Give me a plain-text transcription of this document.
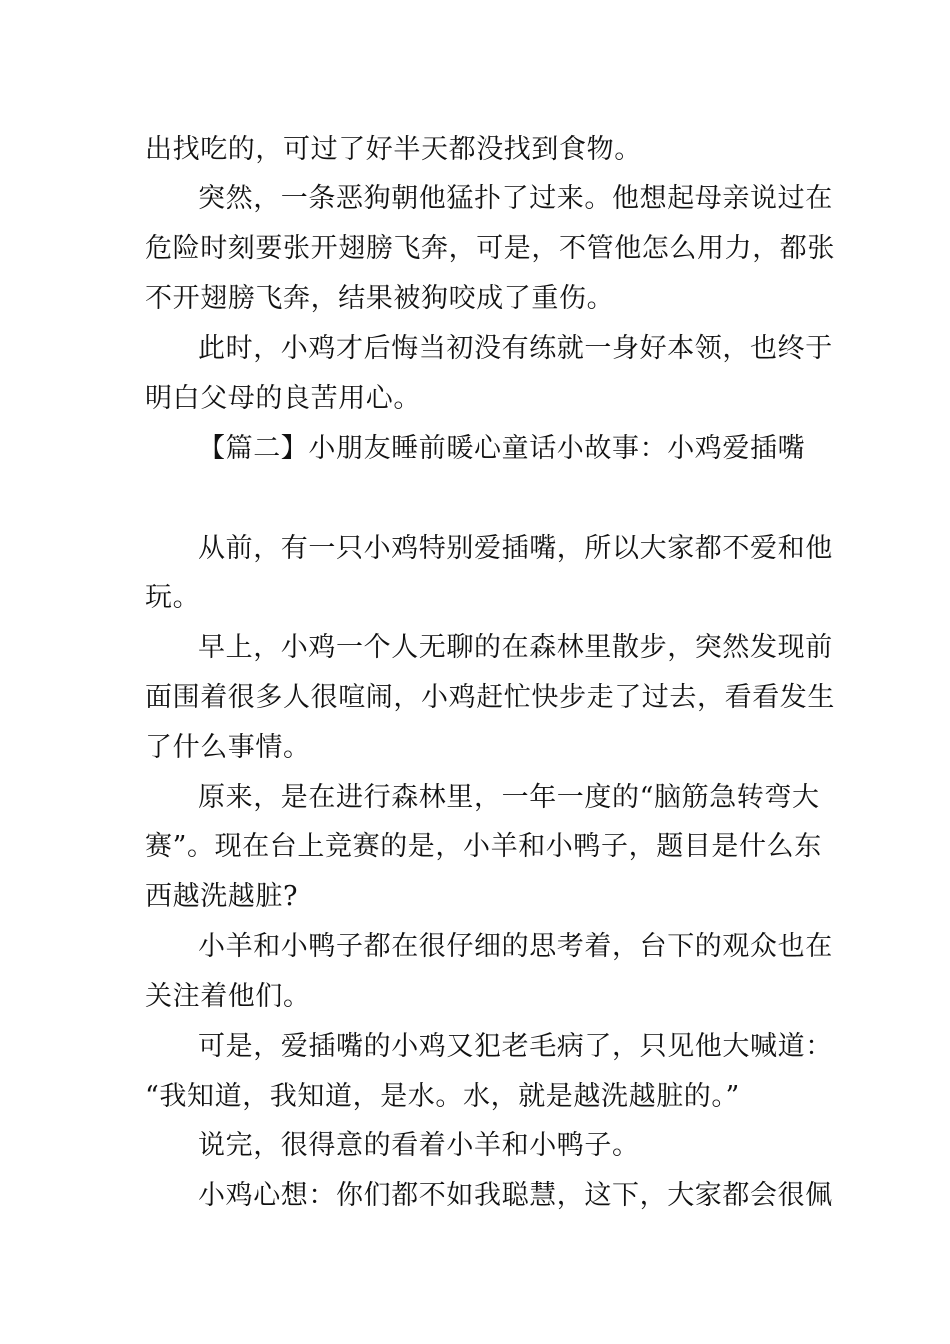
出找吃的，可过了好半天都没找到食物。
突然，一条恶狗朝他猛扑了过来。他想起母亲说过在
危险时刻要张开翅膀飞奔，可是，不管他怎么用力，都张
不开翅膀飞奔，结果被狗咬成了重伤。
此时，小鸡才后悔当初没有练就一身好本领，也终于
明白父母的良苦用心。
【篇二】小朋友睡前暖心童话小故事：小鸡爱插嘴
从前，有一只小鸡特别爱插嘴，所以大家都不爱和他
玩。
早上，小鸡一个人无聊的在森林里散步，突然发现前
面围着很多人很喧闹，小鸡赶忙快步走了过去，看看发生
了什么事情。
原来，是在进行森林里，一年一度的“脑筋急转弯大
赛”。现在台上竞赛的是，小羊和小鸭子，题目是什么东
西越洗越脏?
小羊和小鸭子都在很仔细的思考着，台下的观众也在
关注着他们。
可是，爱插嘴的小鸡又犯老毛病了，只见他大喊道：
“我知道，我知道，是水。水，就是越洗越脏的。”
说完，很得意的看着小羊和小鸭子。
小鸡心想：你们都不如我聪慧，这下，大家都会很佩
